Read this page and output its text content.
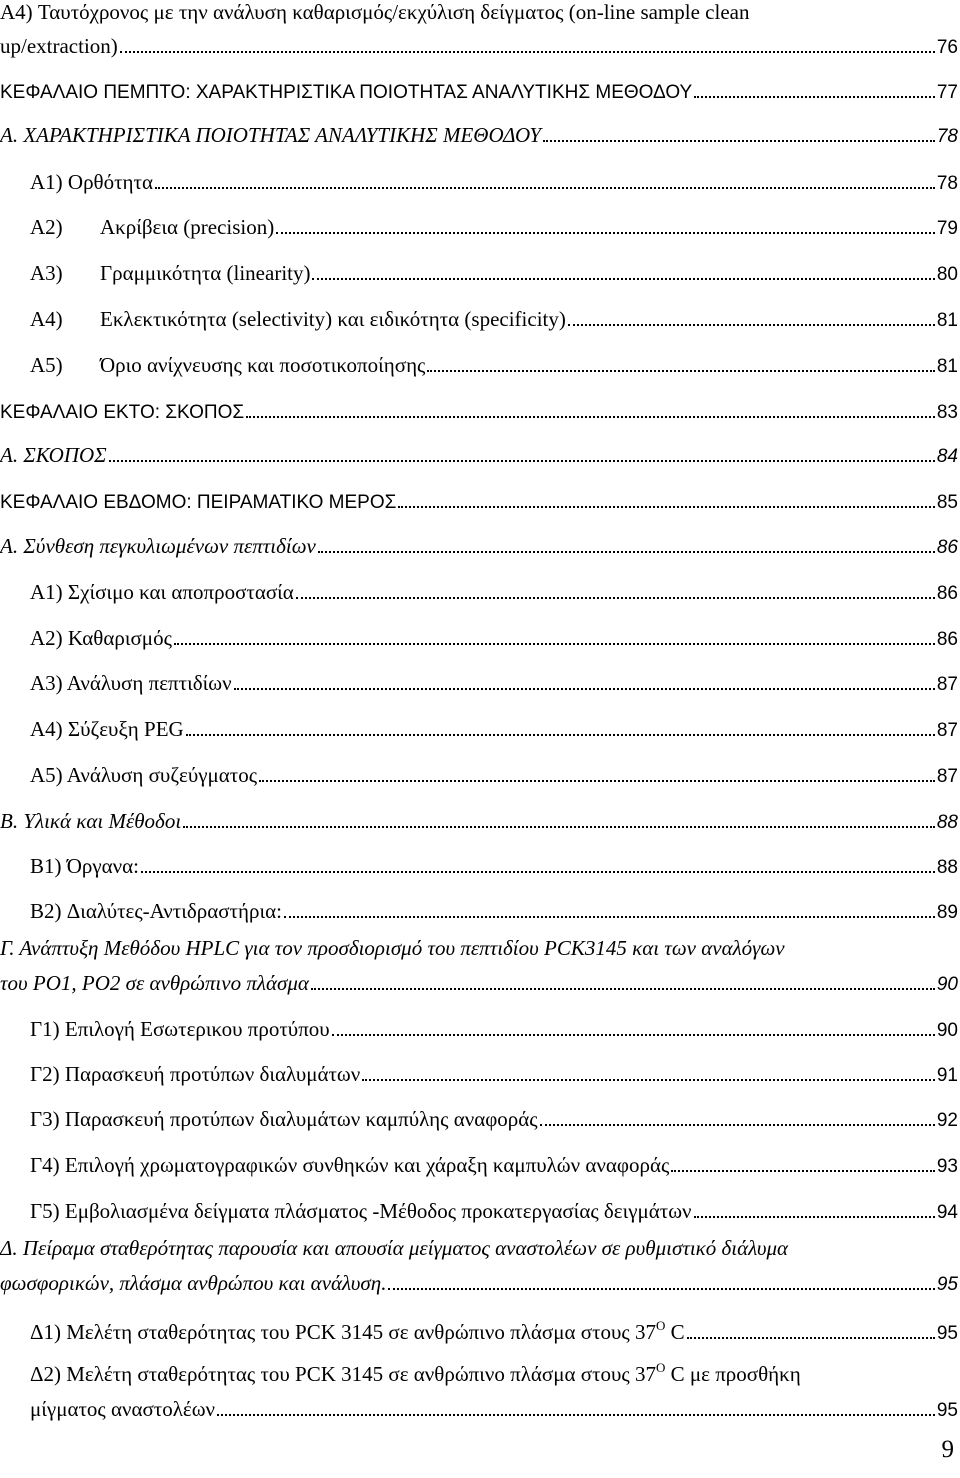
A4) Ταυτόχρονος με την ανάλυση καθαρισμός/εκχύλιση δείγματος (on-line sample clean
up/extraction)	76
ΚΕΦΑΛΑΙΟ ΠΕΜΠΤΟ: ΧΑΡΑΚΤΗΡΙΣΤΙΚΑ ΠΟΙΟΤΗΤΑΣ ΑΝΑΛΥΤΙΚΗΣ ΜΕΘΟΔΟΥ	77
A. ΧΑΡΑΚΤΗΡΙΣΤΙΚΑ ΠΟΙΟΤΗΤΑΣ ΑΝΑΛΥΤΙΚΗΣ ΜΕΘΟΔΟΥ	78
A1) Ορθότητα	78
A2)	Ακρίβεια (precision)	79
A3)	Γραμμικότητα (linearity)	80
A4)	Εκλεκτικότητα (selectivity) και ειδικότητα (specificity)	81
A5)	Όριο ανίχνευσης και ποσοτικοποίησης	81
ΚΕΦΑΛΑΙΟ ΕΚΤΟ: ΣΚΟΠΟΣ	83
Α. ΣΚΟΠΟΣ	84
ΚΕΦΑΛΑΙΟ ΕΒΔΟΜΟ: ΠΕΙΡΑΜΑΤΙΚΟ ΜΕΡΟΣ	85
Α. Σύνθεση πεγκυλιωμένων πεπτιδίων	86
A1) Σχίσιμο και αποπροστασία	86
Α2) Καθαρισμός	86
Α3) Ανάλυση πεπτιδίων	87
Α4) Σύζευξη PEG	87
Α5) Ανάλυση συζεύγματος	87
Β. Υλικά και Μέθοδοι	88
B1) Όργανα:	88
B2) Διαλύτες-Αντιδραστήρια:	89
Γ. Ανάπτυξη Μεθόδου HPLC για τον προσδιορισμό του πεπτιδίου PCK3145 και των αναλόγων
του PO1, PO2 σε ανθρώπινο πλάσμα	90
Γ1) Επιλογή Εσωτερικου προτύπου	90
Γ2) Παρασκευή προτύπων διαλυμάτων	91
Γ3) Παρασκευή προτύπων διαλυμάτων καμπύλης αναφοράς	92
Γ4) Επιλογή χρωματογραφικών συνθηκών και χάραξη καμπυλών αναφοράς	93
Γ5) Εμβολιασμένα δείγματα πλάσματος -Μέθοδος προκατεργασίας δειγμάτων	94
Δ. Πείραμα σταθερότητας παρουσία και απουσία μείγματος αναστολέων σε ρυθμιστικό διάλυμα
φωσφορικών, πλάσμα ανθρώπου και ανάλυση.	95
Δ1) Μελέτη σταθερότητας του PCK 3145 σε ανθρώπινο πλάσμα στους $37^O$ C	95
Δ2) Μελέτη σταθερότητας του PCK 3145 σε ανθρώπινο πλάσμα στους $37^O$ C με προσθήκη
μίγματος αναστολέων	95
9
